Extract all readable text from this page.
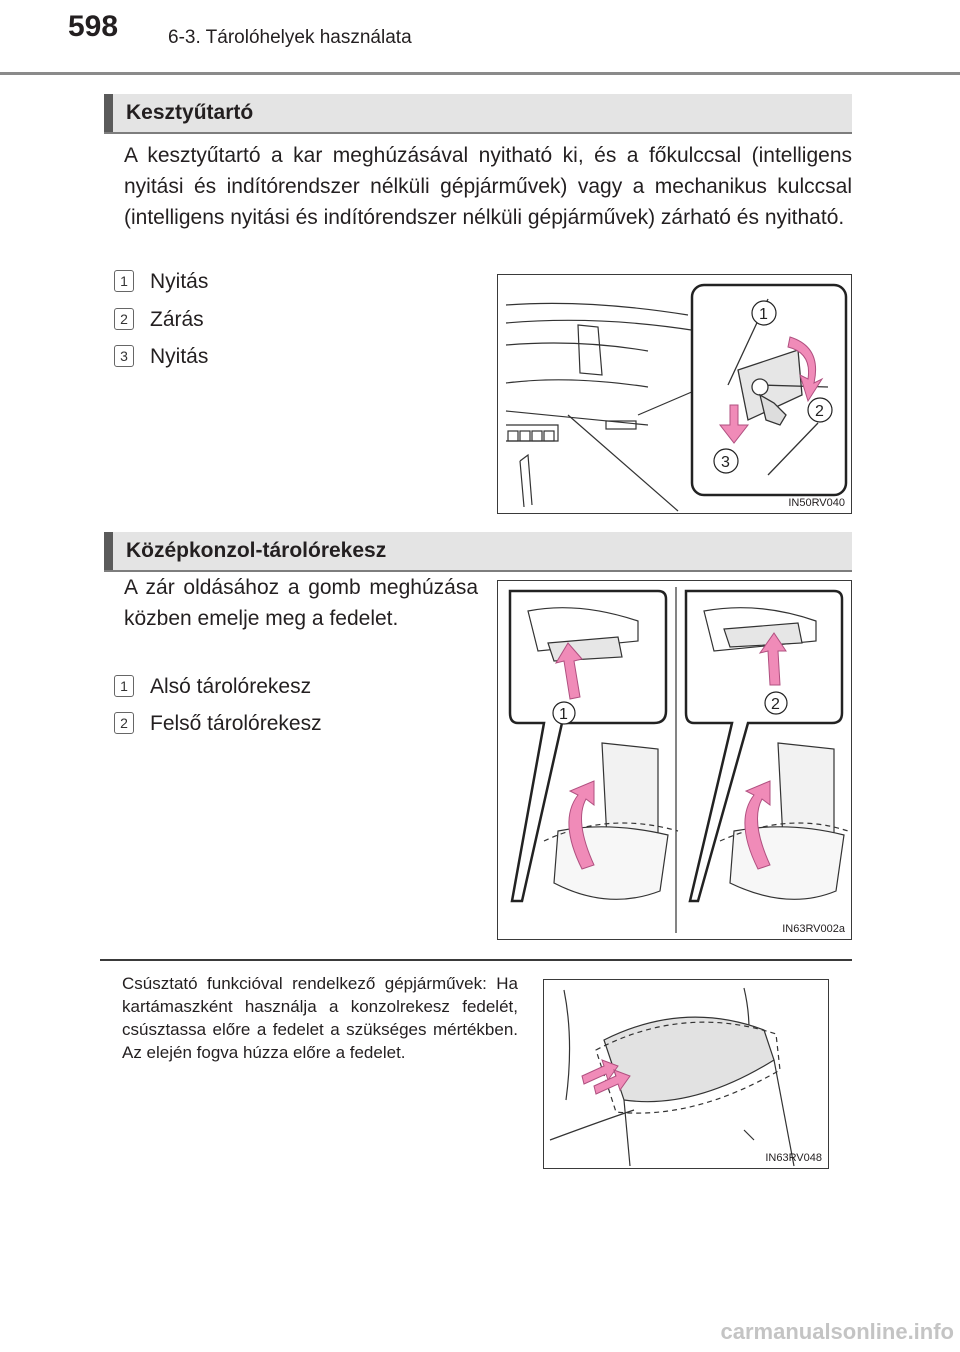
598	6-3. Tárolóhelyek használata
Kesztyűtartó
A kesztyűtartó a kar meghúzásával nyitható ki, és a főkulccsal (intelligens nyitási és indítórendszer nélküli gépjárművek) vagy a mechanikus kulccsal (intelligens nyitási és indítórendszer nélküli gépjárművek) zárható és nyitható.
1 Nyitás
2 Zárás
3 Nyitás
1
2
3
IN50RV040
Középkonzol-tárolórekesz
A zár oldásához a gomb meghúzása közben emelje meg a fedelet.
1 Alsó tárolórekesz
2 Felső tárolórekesz	1
2
IN63RV002a
Csúsztató funkcióval rendelkező gépjárművek: Ha kartámaszként használja a konzolrekesz fedelét, csúsztassa előre a fedelet a szükséges mértékben. Az elején fogva húzza előre a fedelet.
IN63RV048
carmanualsonline.info
